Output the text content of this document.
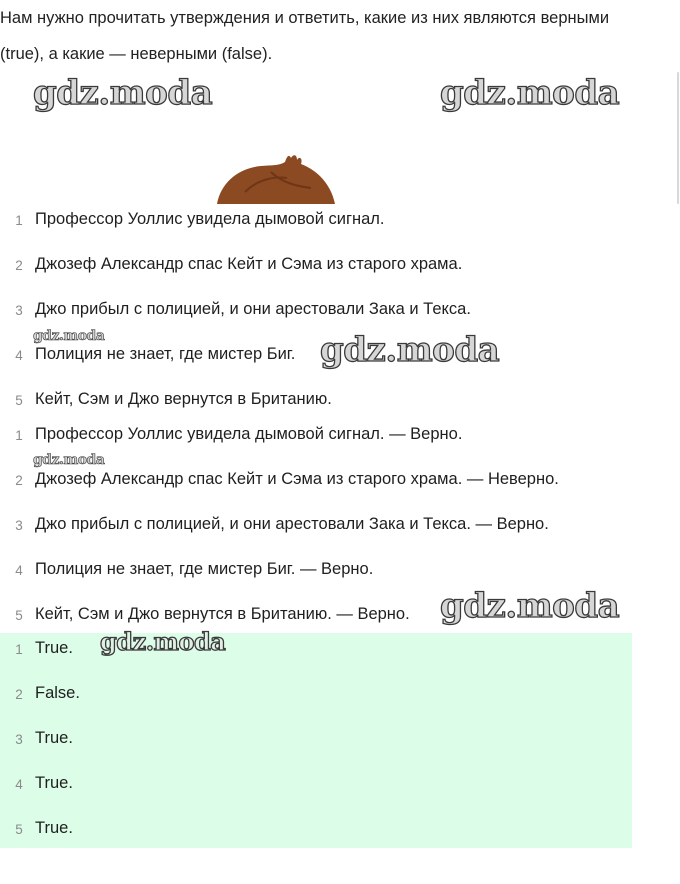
Нам нужно прочитать утверждения и ответить, какие из них являются верными (true), а какие — неверными (false).
gdz.moda	gdz.moda
1 Профессор Уоллис увидела дымовой сигнал.
2 Джозеф Александр спас Кейт и Сэма из старого храма.
3 Джо прибыл с полицией, и они арестовали Зака и Текса.
4 Полиция не знает, где мистер Биг.
5 Кейт, Сэм и Джо вернутся в Британию.
1 Профессор Уоллис увидела дымовой сигнал. — Верно.
2 Джозеф Александр спас Кейт и Сэма из старого храма. — Неверно.
3 Джо прибыл с полицией, и они арестовали Зака и Текса. — Верно.
4 Полиция не знает, где мистер Биг. — Верно.
5 Кейт, Сэм и Джо вернутся в Британию. — Верно.
1 True.
2 False.
3 True.
4 True.
5 True.
gdz.moda	gdz.moda
gdz.moda
gdz.moda
gdz.moda
